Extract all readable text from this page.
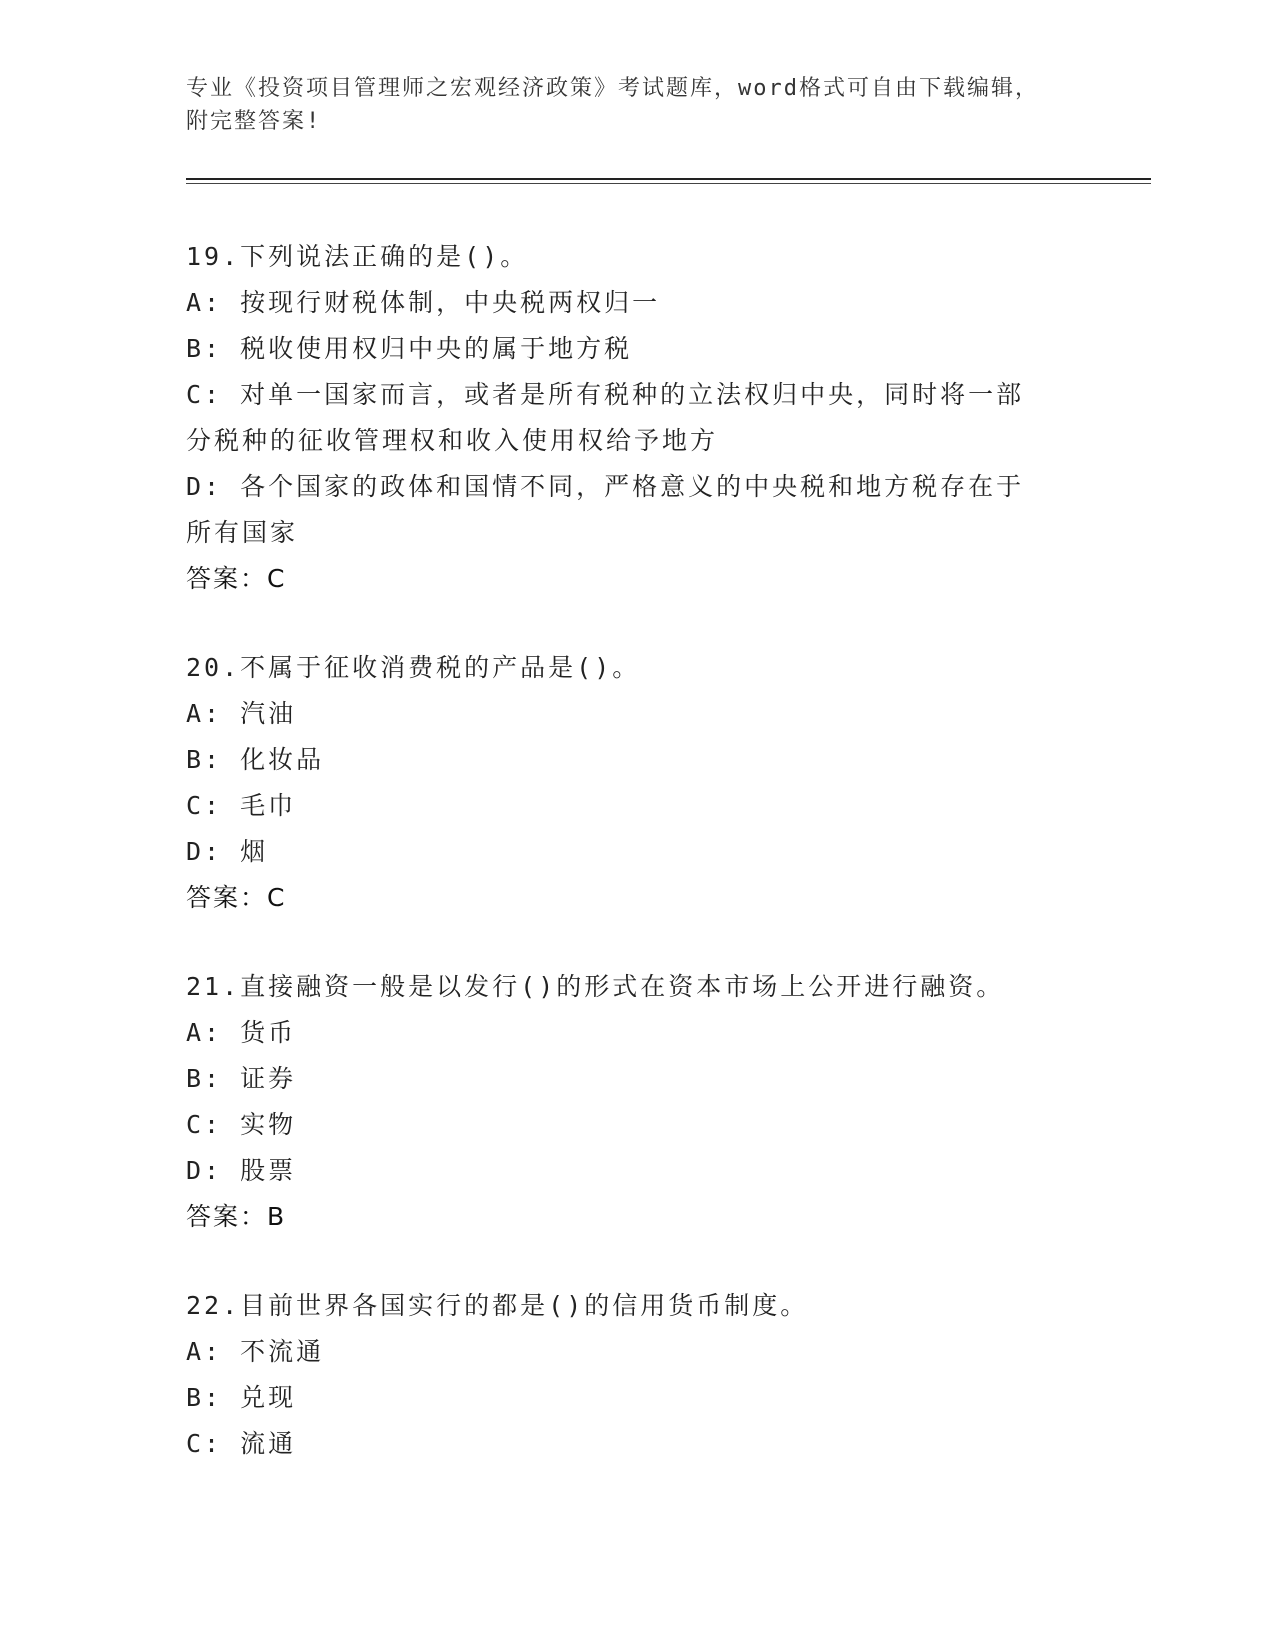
专业《投资项目管理师之宏观经济政策》考试题库，word格式可自由下载编辑，
附完整答案!
19.下列说法正确的是()。
A: 按现行财税体制，中央税两权归一
B: 税收使用权归中央的属于地方税
C: 对单一国家而言，或者是所有税种的立法权归中央，同时将一部分税种的征收管理权和收入使用权给予地方
D: 各个国家的政体和国情不同，严格意义的中央税和地方税存在于所有国家
答案：C
20.不属于征收消费税的产品是()。
A: 汽油
B: 化妆品
C: 毛巾
D: 烟
答案：C
21.直接融资一般是以发行()的形式在资本市场上公开进行融资。
A: 货币
B: 证券
C: 实物
D: 股票
答案：B
22.目前世界各国实行的都是()的信用货币制度。
A: 不流通
B: 兑现
C: 流通
